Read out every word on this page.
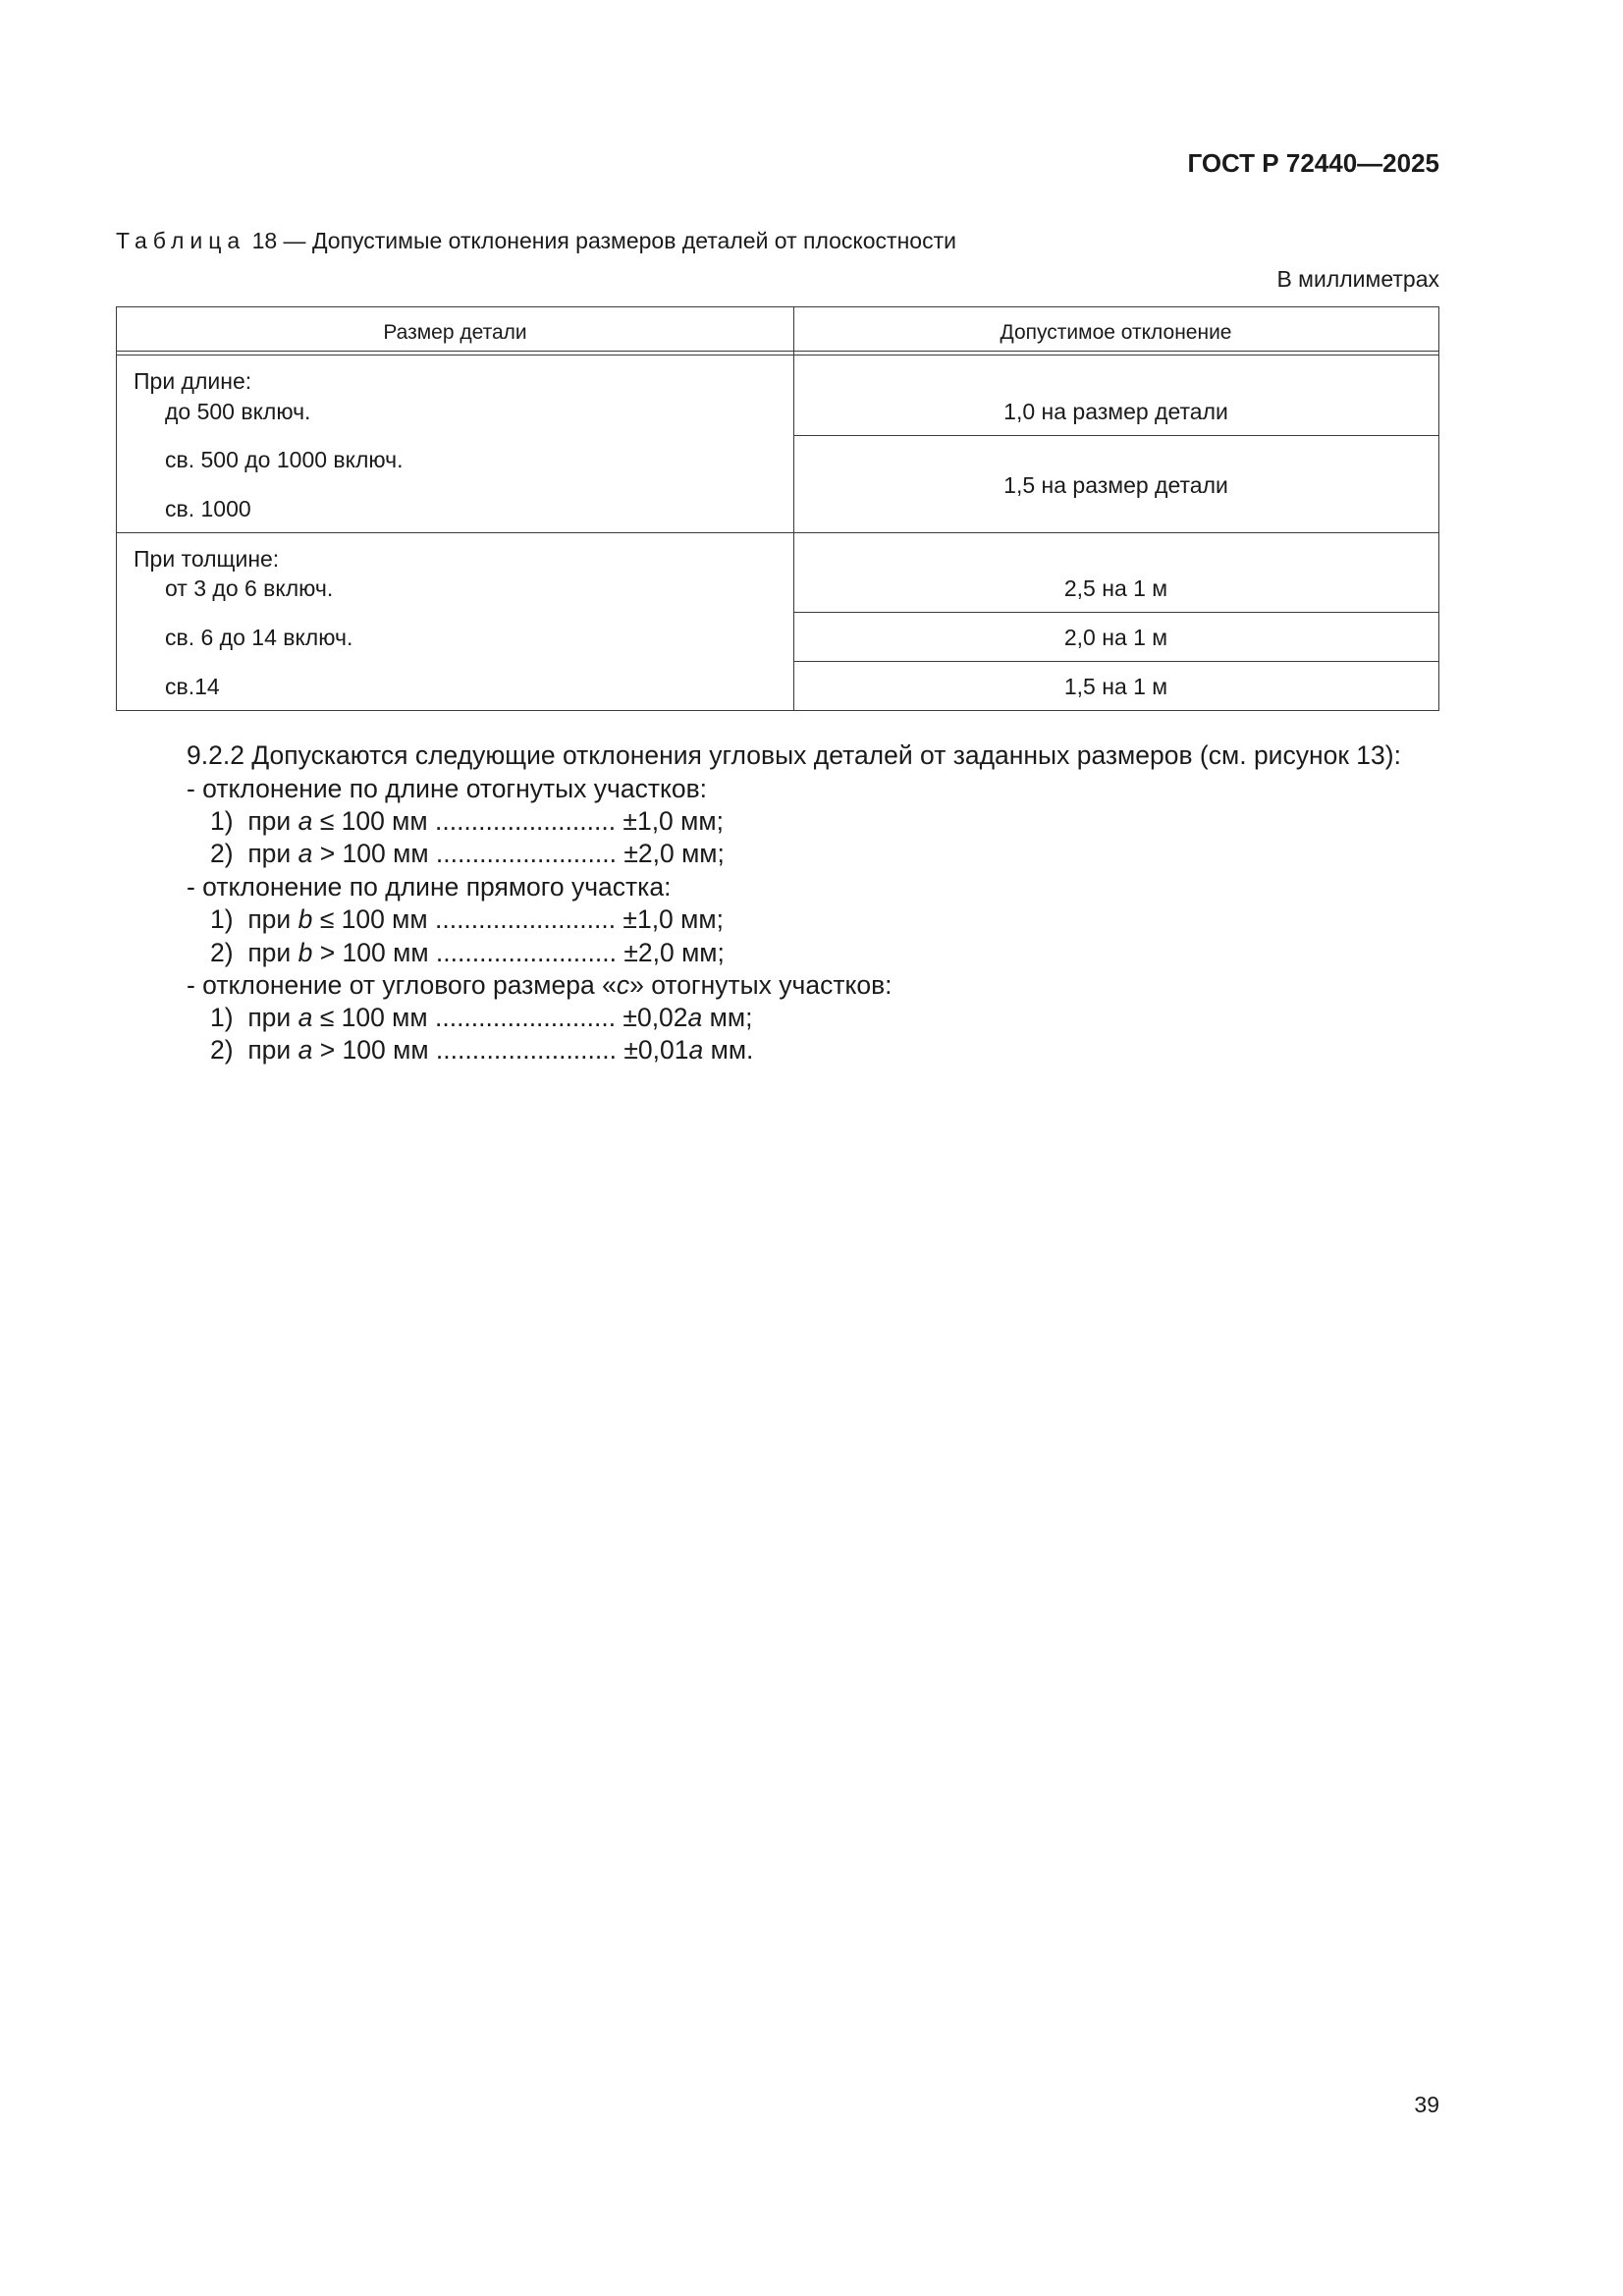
ГОСТ Р 72440—2025
Таблица 18 — Допустимые отклонения размеров деталей от плоскостности
В миллиметрах
Размер детали	Допустимое отклонение
При длине:
до 500 включ.
св. 500 до 1000 включ.
св. 1000
1,0 на размер детали
1,5 на размер детали
При толщине:
от 3 до 6 включ.
св. 6 до 14 включ.
св.14
2,5 на 1 м
2,0 на 1 м
1,5 на 1 м
9.2.2 Допускаются следующие отклонения угловых деталей от заданных размеров (см. рисунок 13):
- отклонение по длине отогнутых участков:
1) при a ≤ 100 мм ......................... ±1,0 мм;
2) при a > 100 мм ......................... ±2,0 мм;
- отклонение по длине прямого участка:
1) при b ≤ 100 мм ......................... ±1,0 мм;
2) при b > 100 мм ......................... ±2,0 мм;
- отклонение от углового размера «c» отогнутых участков:
1) при a ≤ 100 мм ......................... ±0,02a мм;
2) при a > 100 мм ......................... ±0,01a мм.
39
